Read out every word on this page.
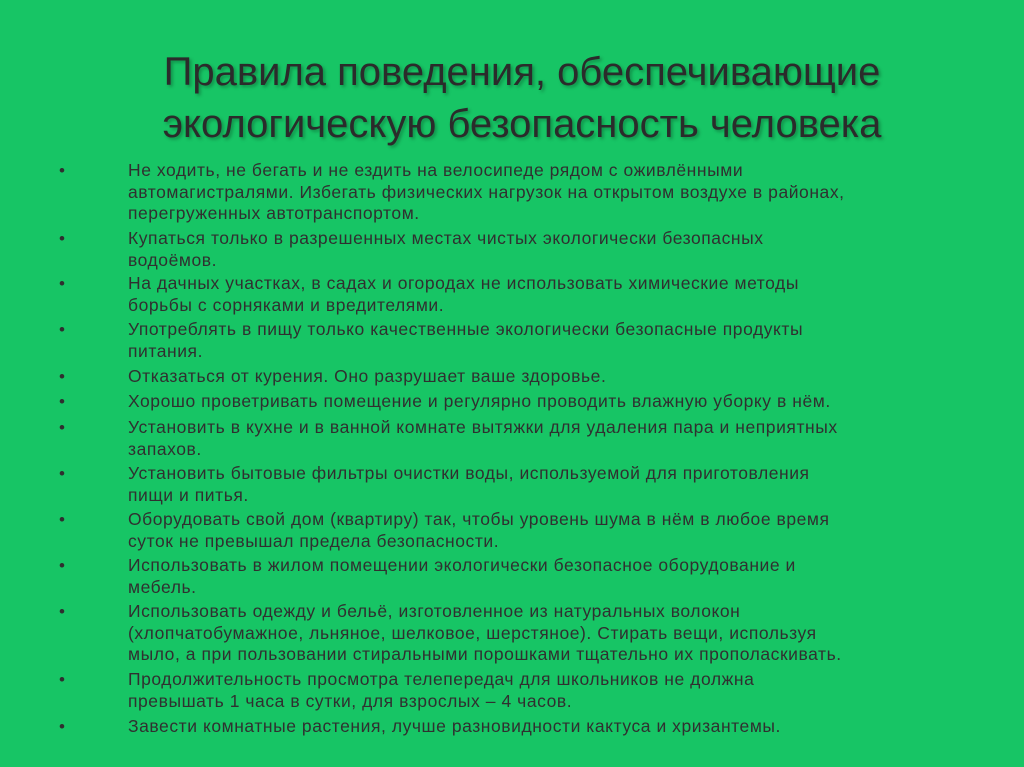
Правила поведения, обеспечивающие экологическую безопасность человека
•	Не ходить, не бегать и не ездить на велосипеде рядом с оживлёнными
автомагистралями. Избегать физических нагрузок на открытом воздухе в районах,
перегруженных автотранспортом.
•	Купаться только в разрешенных местах чистых экологически безопасных
водоёмов.
•	На дачных участках, в садах и огородах не использовать химические методы
борьбы с сорняками и вредителями.
•	Употреблять в пищу только качественные экологически безопасные продукты
питания.
•	Отказаться от курения. Оно разрушает ваше здоровье.
•	Хорошо проветривать помещение и регулярно проводить влажную уборку в нём.
•	Установить в кухне и в ванной комнате вытяжки для удаления пара и неприятных
запахов.
•	Установить бытовые фильтры очистки воды, используемой для приготовления
пищи и питья.
•	Оборудовать свой дом (квартиру) так, чтобы уровень шума в нём в любое время
суток не превышал предела безопасности.
•	Использовать в жилом помещении экологически безопасное оборудование и
мебель.
•	Использовать одежду и бельё, изготовленное из натуральных волокон
(хлопчатобумажное, льняное, шелковое, шерстяное). Стирать вещи, используя
мыло, а при пользовании стиральными порошками тщательно их прополаскивать.
•	Продолжительность просмотра телепередач для школьников не должна
превышать 1 часа в сутки, для взрослых – 4 часов.
•	Завести комнатные растения, лучше разновидности кактуса и хризантемы.
